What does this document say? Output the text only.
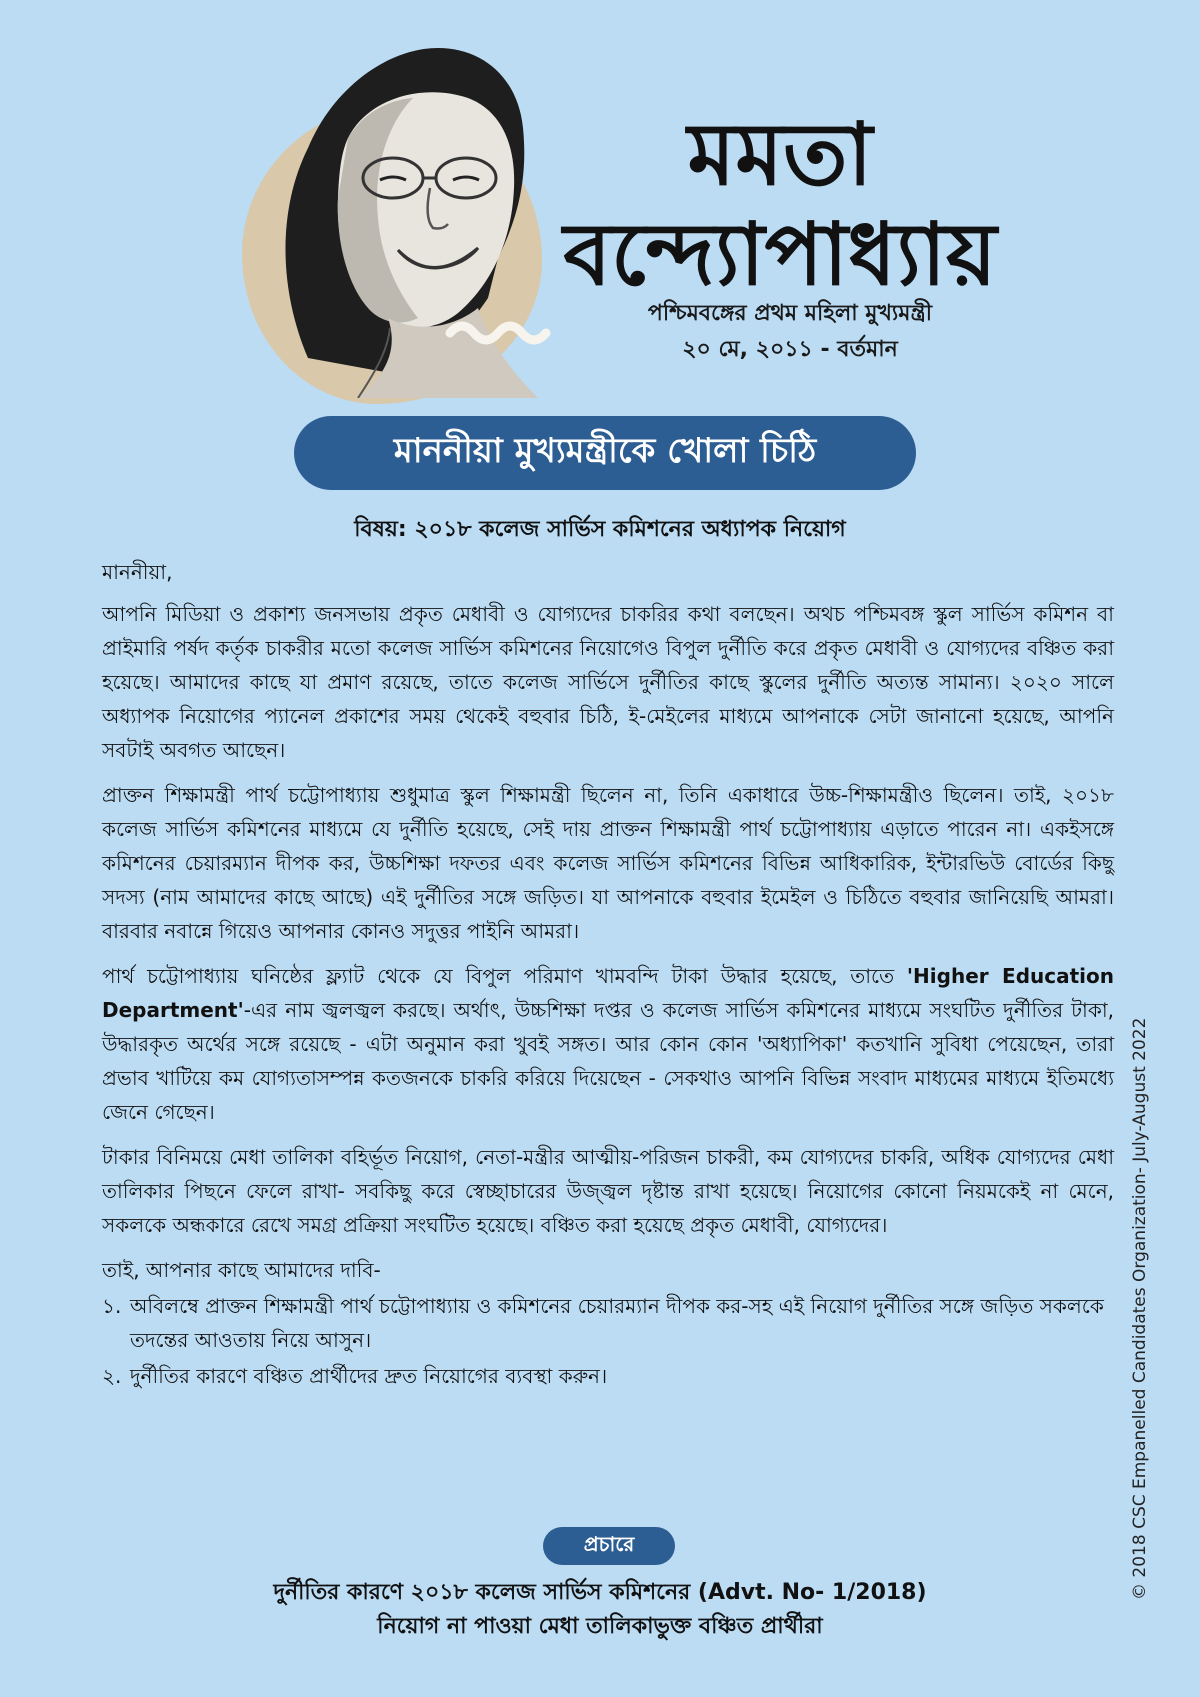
মমতা
বন্দ্যোপাধ্যায়
পশ্চিমবঙ্গের প্রথম মহিলা মুখ্যমন্ত্রী
২০ মে, ২০১১ - বর্তমান
মাননীয়া মুখ্যমন্ত্রীকে খোলা চিঠি
বিষয়: ২০১৮ কলেজ সার্ভিস কমিশনের অধ্যাপক নিয়োগ

মাননীয়া,

আপনি মিডিয়া ও প্রকাশ্য জনসভায় প্রকৃত মেধাবী ও যোগ্যদের চাকরির কথা বলছেন। অথচ পশ্চিমবঙ্গ স্কুল সার্ভিস কমিশন বা প্রাইমারি পর্ষদ কর্তৃক চাকরীর মতো কলেজ সার্ভিস কমিশনের নিয়োগেও বিপুল দুর্নীতি করে প্রকৃত মেধাবী ও যোগ্যদের বঞ্চিত করা হয়েছে। আমাদের কাছে যা প্রমাণ রয়েছে, তাতে কলেজ সার্ভিসে দুর্নীতির কাছে স্কুলের দুর্নীতি অত্যন্ত সামান্য। ২০২০ সালে অধ্যাপক নিয়োগের প্যানেল প্রকাশের সময় থেকেই বহুবার চিঠি, ই-মেইলের মাধ্যমে আপনাকে সেটা জানানো হয়েছে, আপনি সবটাই অবগত আছেন।

প্রাক্তন শিক্ষামন্ত্রী পার্থ চট্টোপাধ্যায় শুধুমাত্র স্কুল শিক্ষামন্ত্রী ছিলেন না, তিনি একাধারে উচ্চ-শিক্ষামন্ত্রীও ছিলেন। তাই, ২০১৮ কলেজ সার্ভিস কমিশনের মাধ্যমে যে দুর্নীতি হয়েছে, সেই দায় প্রাক্তন শিক্ষামন্ত্রী পার্থ চট্টোপাধ্যায় এড়াতে পারেন না। একইসঙ্গে কমিশনের চেয়ারম্যান দীপক কর, উচ্চশিক্ষা দফতর এবং কলেজ সার্ভিস কমিশনের বিভিন্ন আধিকারিক, ইন্টারভিউ বোর্ডের কিছু সদস্য (নাম আমাদের কাছে আছে) এই দুর্নীতির সঙ্গে জড়িত। যা আপনাকে বহুবার ইমেইল ও চিঠিতে বহুবার জানিয়েছি আমরা। বারবার নবান্নে গিয়েও আপনার কোনও সদুত্তর পাইনি আমরা।

পার্থ চট্টোপাধ্যায় ঘনিষ্ঠের ফ্ল্যাট থেকে যে বিপুল পরিমাণ খামবন্দি টাকা উদ্ধার হয়েছে, তাতে 'Higher Education Department'-এর নাম জ্বলজ্বল করছে। অর্থাৎ, উচ্চশিক্ষা দপ্তর ও কলেজ সার্ভিস কমিশনের মাধ্যমে সংঘটিত দুর্নীতির টাকা, উদ্ধারকৃত অর্থের সঙ্গে রয়েছে - এটা অনুমান করা খুবই সঙ্গত। আর কোন কোন 'অধ্যাপিকা' কতখানি সুবিধা পেয়েছেন, তারা প্রভাব খাটিয়ে কম যোগ্যতাসম্পন্ন কতজনকে চাকরি করিয়ে দিয়েছেন - সেকথাও আপনি বিভিন্ন সংবাদ মাধ্যমের মাধ্যমে ইতিমধ্যে জেনে গেছেন।

টাকার বিনিময়ে মেধা তালিকা বহির্ভূত নিয়োগ, নেতা-মন্ত্রীর আত্মীয়-পরিজন চাকরী, কম যোগ্যদের চাকরি, অধিক যোগ্যদের মেধা তালিকার পিছনে ফেলে রাখা- সবকিছু করে স্বেচ্ছাচারের উজ্জ্বল দৃষ্টান্ত রাখা হয়েছে। নিয়োগের কোনো নিয়মকেই না মেনে, সকলকে অন্ধকারে রেখে সমগ্র প্রক্রিয়া সংঘটিত হয়েছে। বঞ্চিত করা হয়েছে প্রকৃত মেধাবী, যোগ্যদের।

তাই, আপনার কাছে আমাদের দাবি-

১. অবিলম্বে প্রাক্তন শিক্ষামন্ত্রী পার্থ চট্টোপাধ্যায় ও কমিশনের চেয়ারম্যান দীপক কর-সহ এই নিয়োগ দুর্নীতির সঙ্গে জড়িত সকলকে তদন্তের আওতায় নিয়ে আসুন।
২. দুর্নীতির কারণে বঞ্চিত প্রার্থীদের দ্রুত নিয়োগের ব্যবস্থা করুন।
প্রচারে
দুর্নীতির কারণে ২০১৮ কলেজ সার্ভিস কমিশনের (Advt. No- 1/2018)
নিয়োগ না পাওয়া মেধা তালিকাভুক্ত বঞ্চিত প্রার্থীরা
© 2018 CSC Empanelled Candidates Organization- July-August 2022
